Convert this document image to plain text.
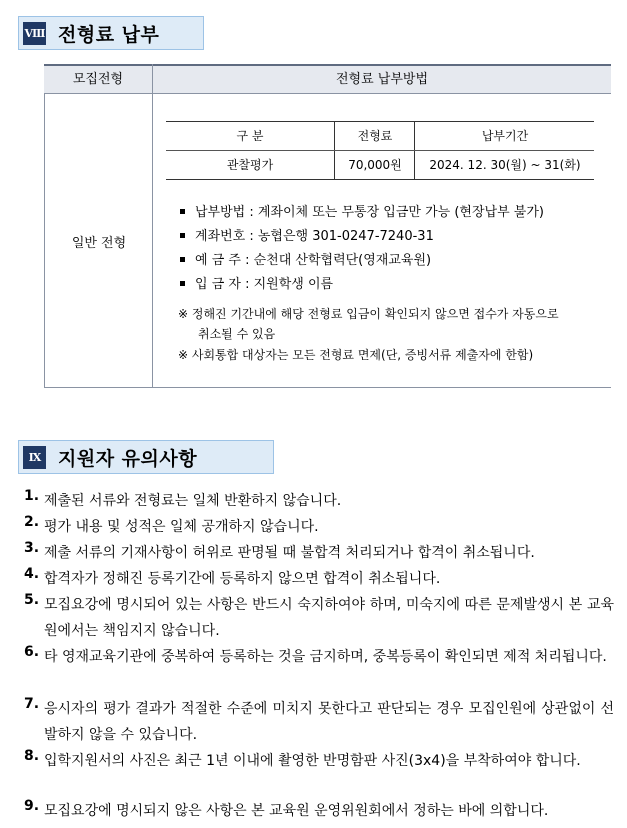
Ⅷ 전형료 납부
모집전형	전형료 납부방법
일반 전형
구 분	전형료	납부기간
관찰평가	70,000원	2024. 12. 30(월) ~ 31(화)
납부방법 : 계좌이체 또는 무통장 입금만 가능 (현장납부 불가)
계좌번호 : 농협은행 301-0247-7240-31
예 금 주 : 순천대 산학협력단(영재교육원)
입 금 자 : 지원학생 이름
※ 정해진 기간내에 해당 전형료 입금이 확인되지 않으면 접수가 자동으로
취소될 수 있음
※ 사회통합 대상자는 모든 전형료 면제(단, 증빙서류 제출자에 한함)
IX 지원자 유의사항
1. 제출된 서류와 전형료는 일체 반환하지 않습니다.
2. 평가 내용 및 성적은 일체 공개하지 않습니다.
3. 제출 서류의 기재사항이 허위로 판명될 때 불합격 처리되거나 합격이 취소됩니다.
4. 합격자가 정해진 등록기간에 등록하지 않으면 합격이 취소됩니다.
5. 모집요강에 명시되어 있는 사항은 반드시 숙지하여야 하며, 미숙지에 따른 문제발생시 본 교육원에서는 책임지지 않습니다.
6. 타 영재교육기관에 중복하여 등록하는 것을 금지하며, 중복등록이 확인되면 제적 처리됩니다.
7. 응시자의 평가 결과가 적절한 수준에 미치지 못한다고 판단되는 경우 모집인원에 상관없이 선발하지 않을 수 있습니다.
8. 입학지원서의 사진은 최근 1년 이내에 촬영한 반명함판 사진(3x4)을 부착하여야 합니다.
9. 모집요강에 명시되지 않은 사항은 본 교육원 운영위원회에서 정하는 바에 의합니다.
